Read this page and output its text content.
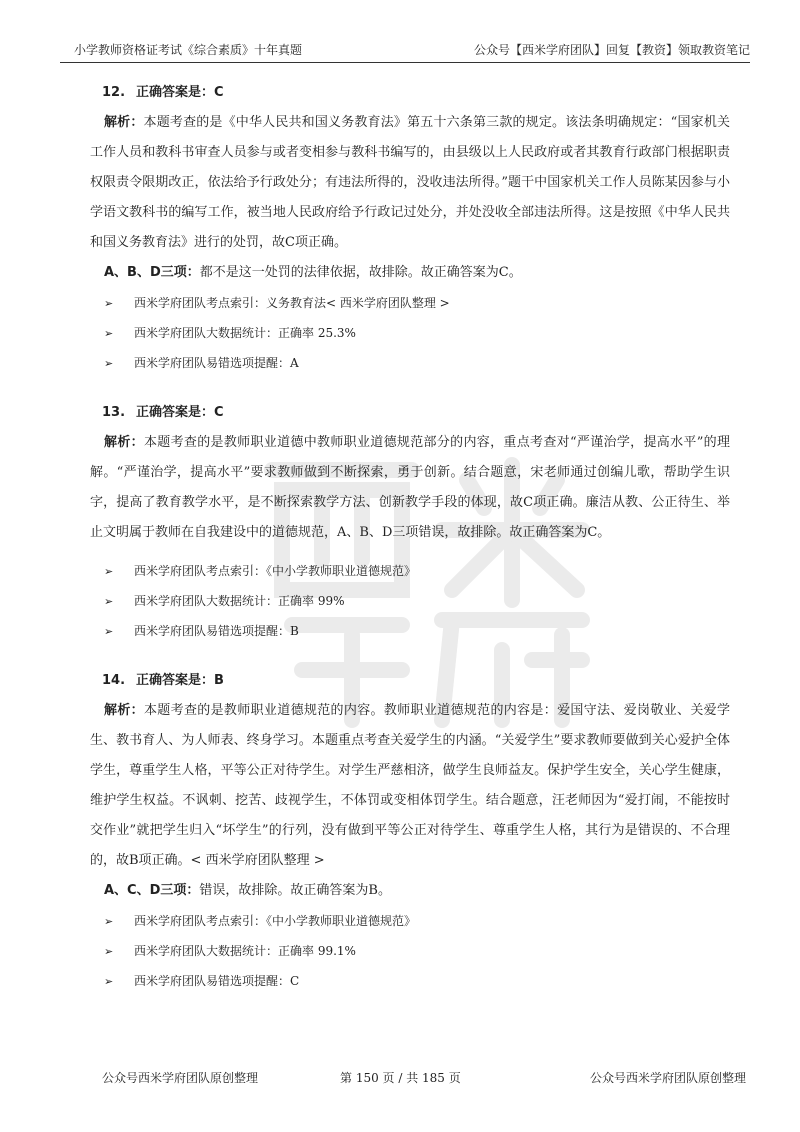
小学教师资格证考试《综合素质》十年真题	公众号【西米学府团队】回复【教资】领取教资笔记
12. 正确答案是：C

解析：本题考查的是《中华人民共和国义务教育法》第五十六条第三款的规定。该法条明确规定：“国家机关工作人员和教科书审查人员参与或者变相参与教科书编写的，由县级以上人民政府或者其教育行政部门根据职责权限责令限期改正，依法给予行政处分；有违法所得的，没收违法所得。”题干中国家机关工作人员陈某因参与小学语文教科书的编写工作，被当地人民政府给予行政记过处分，并处没收全部违法所得。这是按照《中华人民共和国义务教育法》进行的处罚，故C项正确。

A、B、D三项：都不是这一处罚的法律依据，故排除。故正确答案为C。
➢ 西米学府团队考点索引：义务教育法< 西米学府团队整理 >
➢ 西米学府团队大数据统计：正确率 25.3%
➢ 西米学府团队易错选项提醒：A
13. 正确答案是：C

解析：本题考查的是教师职业道德中教师职业道德规范部分的内容，重点考查对“严谨治学，提高水平”的理解。“严谨治学，提高水平”要求教师做到不断探索，勇于创新。结合题意，宋老师通过创编儿歌，帮助学生识字，提高了教育教学水平，是不断探索教学方法、创新教学手段的体现，故C项正确。廉洁从教、公正待生、举止文明属于教师在自我建设中的道德规范，A、B、D三项错误，故排除。故正确答案为C。

➢ 西米学府团队考点索引：《中小学教师职业道德规范》
➢ 西米学府团队大数据统计：正确率 99%
➢ 西米学府团队易错选项提醒：B
14. 正确答案是：B

解析：本题考查的是教师职业道德规范的内容。教师职业道德规范的内容是：爱国守法、爱岗敬业、关爱学生、教书育人、为人师表、终身学习。本题重点考查关爱学生的内涵。“关爱学生”要求教师要做到关心爱护全体学生，尊重学生人格，平等公正对待学生。对学生严慈相济，做学生良师益友。保护学生安全，关心学生健康，维护学生权益。不讽刺、挖苦、歧视学生，不体罚或变相体罚学生。结合题意，汪老师因为“爱打闹，不能按时交作业”就把学生归入“坏学生”的行列，没有做到平等公正对待学生、尊重学生人格，其行为是错误的、不合理的，故B项正确。< 西米学府团队整理 >

A、C、D三项：错误，故排除。故正确答案为B。
➢ 西米学府团队考点索引：《中小学教师职业道德规范》
➢ 西米学府团队大数据统计：正确率 99.1%
➢ 西米学府团队易错选项提醒：C
公众号西米学府团队原创整理	第 150 页 / 共 185 页	公众号西米学府团队原创整理
